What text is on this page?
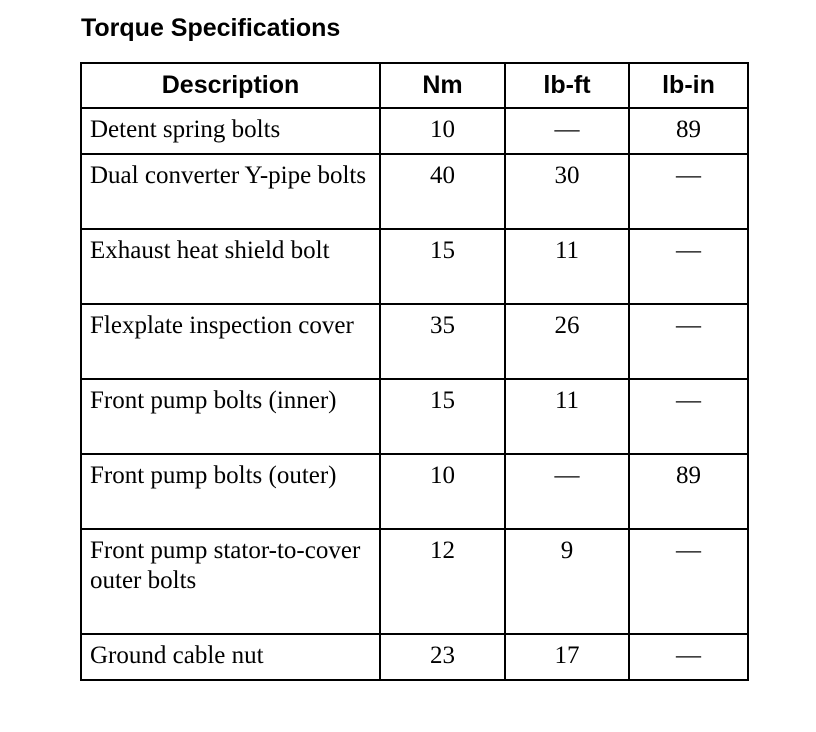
Torque Specifications
Description	Nm	lb-ft	lb-in
Detent spring bolts	10	—	89
Dual converter Y-pipe bolts	40	30	—
Exhaust heat shield bolt	15	11	—
Flexplate inspection cover	35	26	—
Front pump bolts (inner)	15	11	—
Front pump bolts (outer)	10	—	89
Front pump stator-to-cover outer bolts	12	9	—
Ground cable nut	23	17	—
